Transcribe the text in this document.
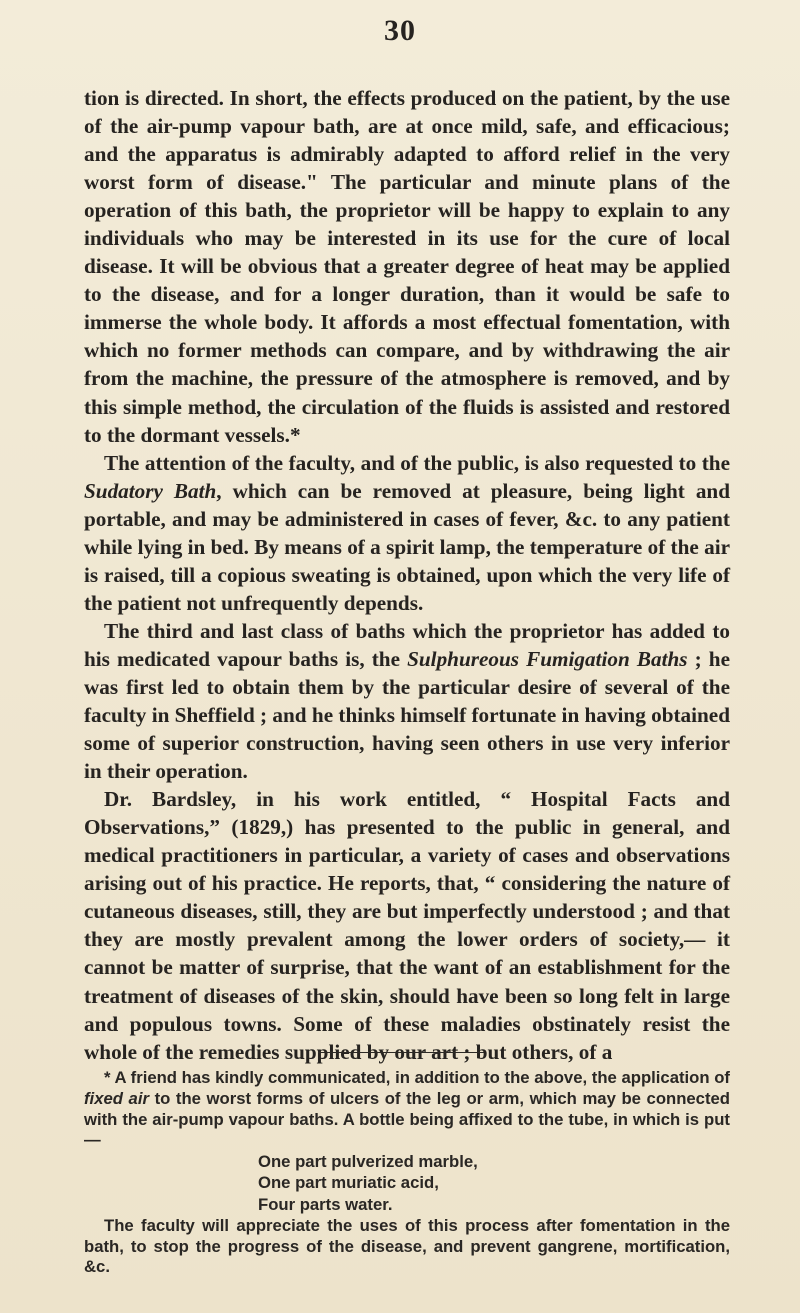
30

tion is directed. In short, the effects produced on the patient, by the use of the air-pump vapour bath, are at once mild, safe, and efficacious; and the apparatus is admirably adapted to afford relief in the very worst form of disease." The particular and minute plans of the operation of this bath, the proprietor will be happy to explain to any individuals who may be interested in its use for the cure of local disease. It will be obvious that a greater degree of heat may be applied to the disease, and for a longer duration, than it would be safe to immerse the whole body. It affords a most effectual fomentation, with which no former methods can compare, and by withdrawing the air from the machine, the pressure of the atmosphere is removed, and by this simple method, the circulation of the fluids is assisted and restored to the dormant vessels.*

The attention of the faculty, and of the public, is also requested to the Sudatory Bath, which can be removed at pleasure, being light and portable, and may be administered in cases of fever, &c. to any patient while lying in bed. By means of a spirit lamp, the temperature of the air is raised, till a copious sweating is obtained, upon which the very life of the patient not unfrequently depends.

The third and last class of baths which the proprietor has added to his medicated vapour baths is, the Sulphureous Fumigation Baths ; he was first led to obtain them by the particular desire of several of the faculty in Sheffield ; and he thinks himself fortunate in having obtained some of superior construction, having seen others in use very inferior in their operation.

Dr. Bardsley, in his work entitled, “ Hospital Facts and Observations,” (1829,) has presented to the public in general, and medical practitioners in particular, a variety of cases and observations arising out of his practice. He reports, that, “ considering the nature of cutaneous diseases, still, they are but imperfectly understood ; and that they are mostly prevalent among the lower orders of society,— it cannot be matter of surprise, that the want of an establishment for the treatment of diseases of the skin, should have been so long felt in large and populous towns. Some of these maladies obstinately resist the whole of the remedies supplied by our art ; but others, of a

* A friend has kindly communicated, in addition to the above, the application of fixed air to the worst forms of ulcers of the leg or arm, which may be connected with the air-pump vapour baths. A bottle being affixed to the tube, in which is put—

One part pulverized marble,
One part muriatic acid,
Four parts water.

The faculty will appreciate the uses of this process after fomentation in the bath, to stop the progress of the disease, and prevent gangrene, mortification, &c.
